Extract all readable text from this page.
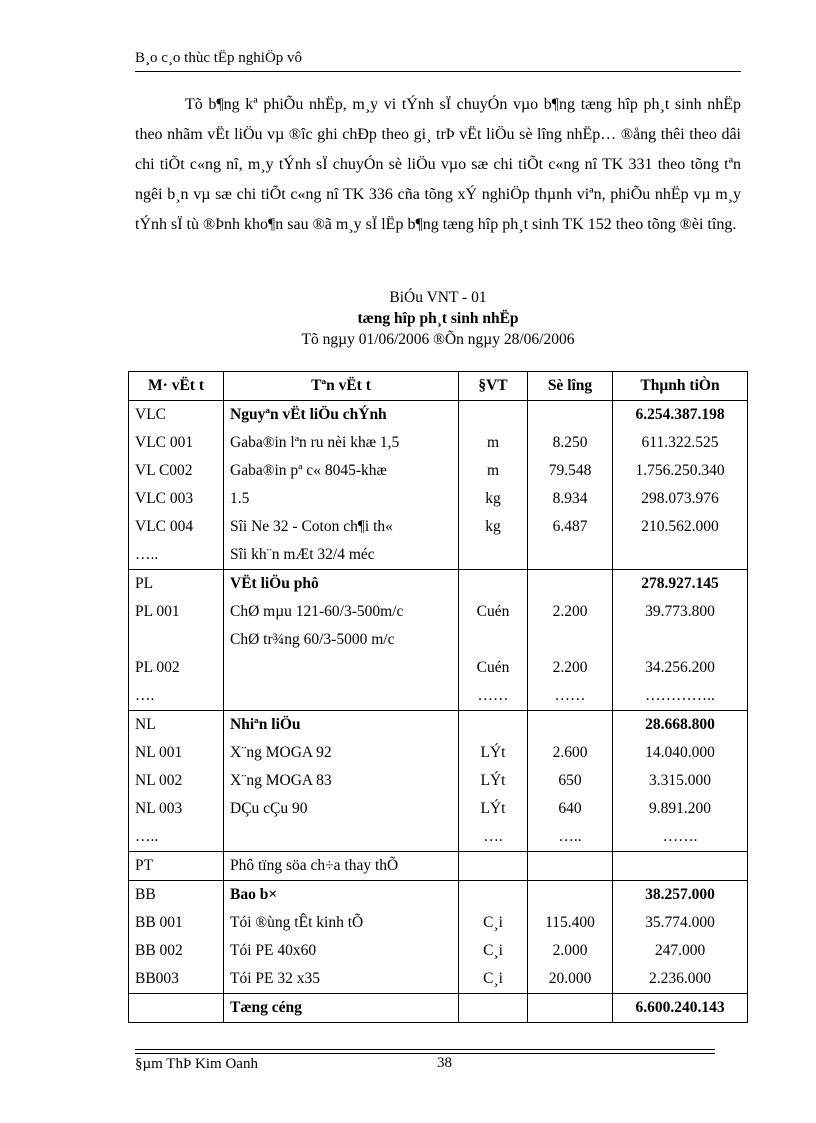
B¸o c¸o thùc tËp nghiÖp vô
Tõ b¶ng kª phiÕu nhËp, m¸y vi tÝnh sÏ chuyÓn vµo b¶ng tæng hîp ph¸t sinh nhËp theo nhãm vËt liÖu vµ ®îc ghi chÐp theo gi¸ trÞ vËt liÖu sè lîng nhËp… ®ång thêi theo dâi chi tiÕt c«ng nî, m¸y tÝnh sÏ chuyÓn sè liÖu vµo sæ chi tiÕt c«ng nî TK 331 theo tõng tªn ngêi b¸n vµ sæ chi tiÕt c«ng nî TK 336 cña tõng xÝ nghiÖp thµnh viªn, phiÕu nhËp vµ m¸y tÝnh sÏ tù ®Þnh kho¶n sau ®ã m¸y sÏ lËp b¶ng tæng hîp ph¸t sinh TK 152 theo tõng ®èi tîng.
BiÓu VNT - 01
tæng hîp ph¸t sinh nhËp
Tõ ngµy 01/06/2006 ®Õn ngµy 28/06/2006
M· vËt t	Tªn vËt t	§VT	Sè lîng	Thµnh tiÒn
VLC	Nguyªn vËt liÖu chÝnh			6.254.387.198
VLC 001	Gaba®in lªn ru nèi khæ 1,5	m	8.250	611.322.525
VL C002	Gaba®in pª c« 8045-khæ	m	79.548	1.756.250.340
VLC 003	1.5	kg	8.934	298.073.976
VLC 004	Sîi Ne 32 - Coton ch¶i th«	kg	6.487	210.562.000
…..	Sîi kh¨n mÆt 32/4 méc			
PL	VËt liÖu phô			278.927.145
PL 001	ChØ mµu 121-60/3-500m/c	Cuén	2.200	39.773.800
	ChØ tr¾ng 60/3-5000 m/c			
PL 002		Cuén	2.200	34.256.200
….		……	……	…………..
NL	Nhiªn liÖu			28.668.800
NL 001	X¨ng MOGA 92	LÝt	2.600	14.040.000
NL 002	X¨ng MOGA 83	LÝt	650	3.315.000
NL 003	DÇu cÇu 90	LÝt	640	9.891.200
…..		….	…..	…….
PT	Phô tïng söa ch÷a thay thÕ			
BB	Bao b×			38.257.000
BB 001	Tói ®ùng tÊt kinh tÕ	C¸i	115.400	35.774.000
BB 002	Tói PE 40x60	C¸i	2.000	247.000
BB003	Tói PE 32 x35	C¸i	20.000	2.236.000
	Tæng céng			6.600.240.143
§µm ThÞ Kim Oanh	38
